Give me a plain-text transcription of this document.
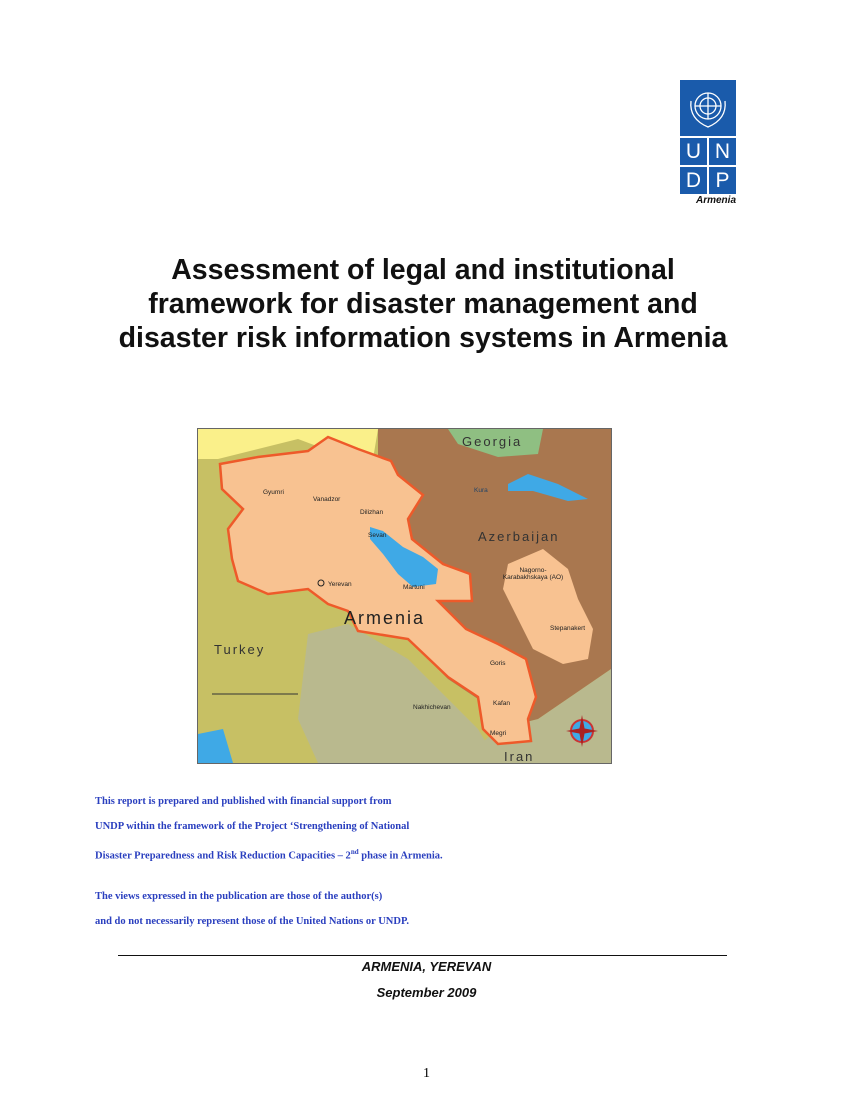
U N
D P
Armenia
Assessment of legal and institutional framework for disaster management and disaster risk information systems in Armenia
Georgia
Azerbaijan
Turkey
Iran
Armenia
Yerevan
Sevan
Martuni
Dilizhan
Gyumri
Vanadzor
Goris
Kafan
Megri
Nakhichevan
Stepanakert
Kura
Nagorno-Karabakhskaya (AO)
This report is prepared and published with financial support from
UNDP within the framework of the Project ‘Strengthening of National
Disaster Preparedness and Risk Reduction Capacities – 2nd phase in Armenia.
The views expressed in the publication are those of the author(s)
and do not necessarily represent those of the United Nations or UNDP.
ARMENIA, YEREVAN
September 2009
1
